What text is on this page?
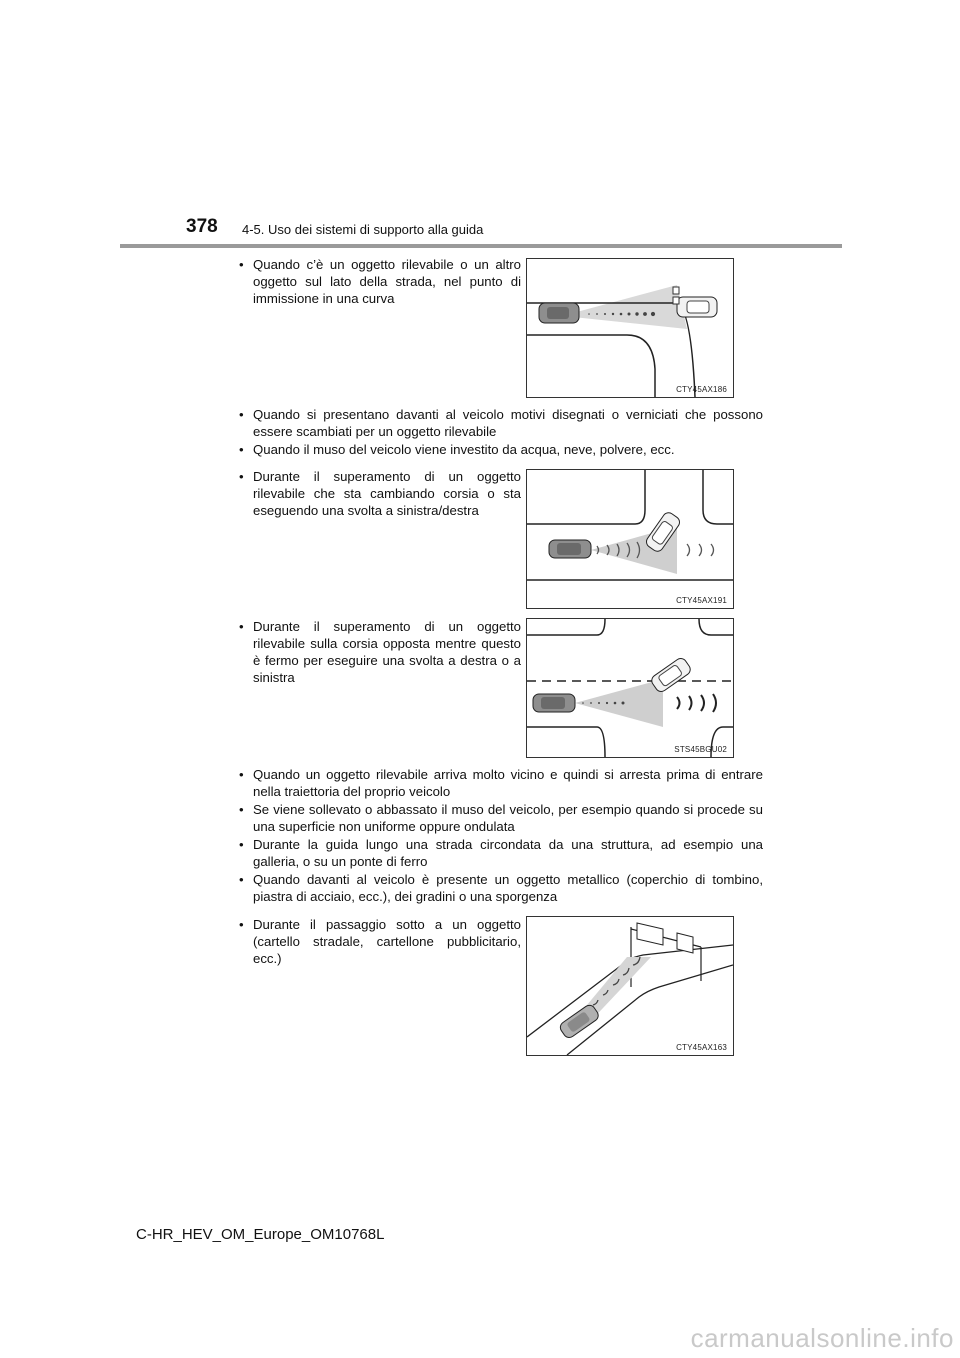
378 4-5. Uso dei sistemi di supporto alla guida
• Quando c’è un oggetto rilevabile o un altro oggetto sul lato della strada, nel punto di immissione in una curva
CTY45AX186
• Quando si presentano davanti al veicolo motivi disegnati o verniciati che possono essere scambiati per un oggetto rilevabile
• Quando il muso del veicolo viene investito da acqua, neve, polvere, ecc.
• Durante il superamento di un oggetto rilevabile che sta cambiando corsia o sta eseguendo una svolta a sinistra/destra
CTY45AX191
• Durante il superamento di un oggetto rilevabile sulla corsia opposta mentre questo è fermo per eseguire una svolta a destra o a sinistra
STS45BGU02
• Quando un oggetto rilevabile arriva molto vicino e quindi si arresta prima di entrare nella traiettoria del proprio veicolo
• Se viene sollevato o abbassato il muso del veicolo, per esempio quando si procede su una superficie non uniforme oppure ondulata
• Durante la guida lungo una strada circondata da una struttura, ad esempio una galleria, o su un ponte di ferro
• Quando davanti al veicolo è presente un oggetto metallico (coperchio di tombino, piastra di acciaio, ecc.), dei gradini o una sporgenza
• Durante il passaggio sotto a un oggetto (cartello stradale, cartellone pubblicitario, ecc.)
CTY45AX163
C-HR_HEV_OM_Europe_OM10768L
carmanualsonline.info
